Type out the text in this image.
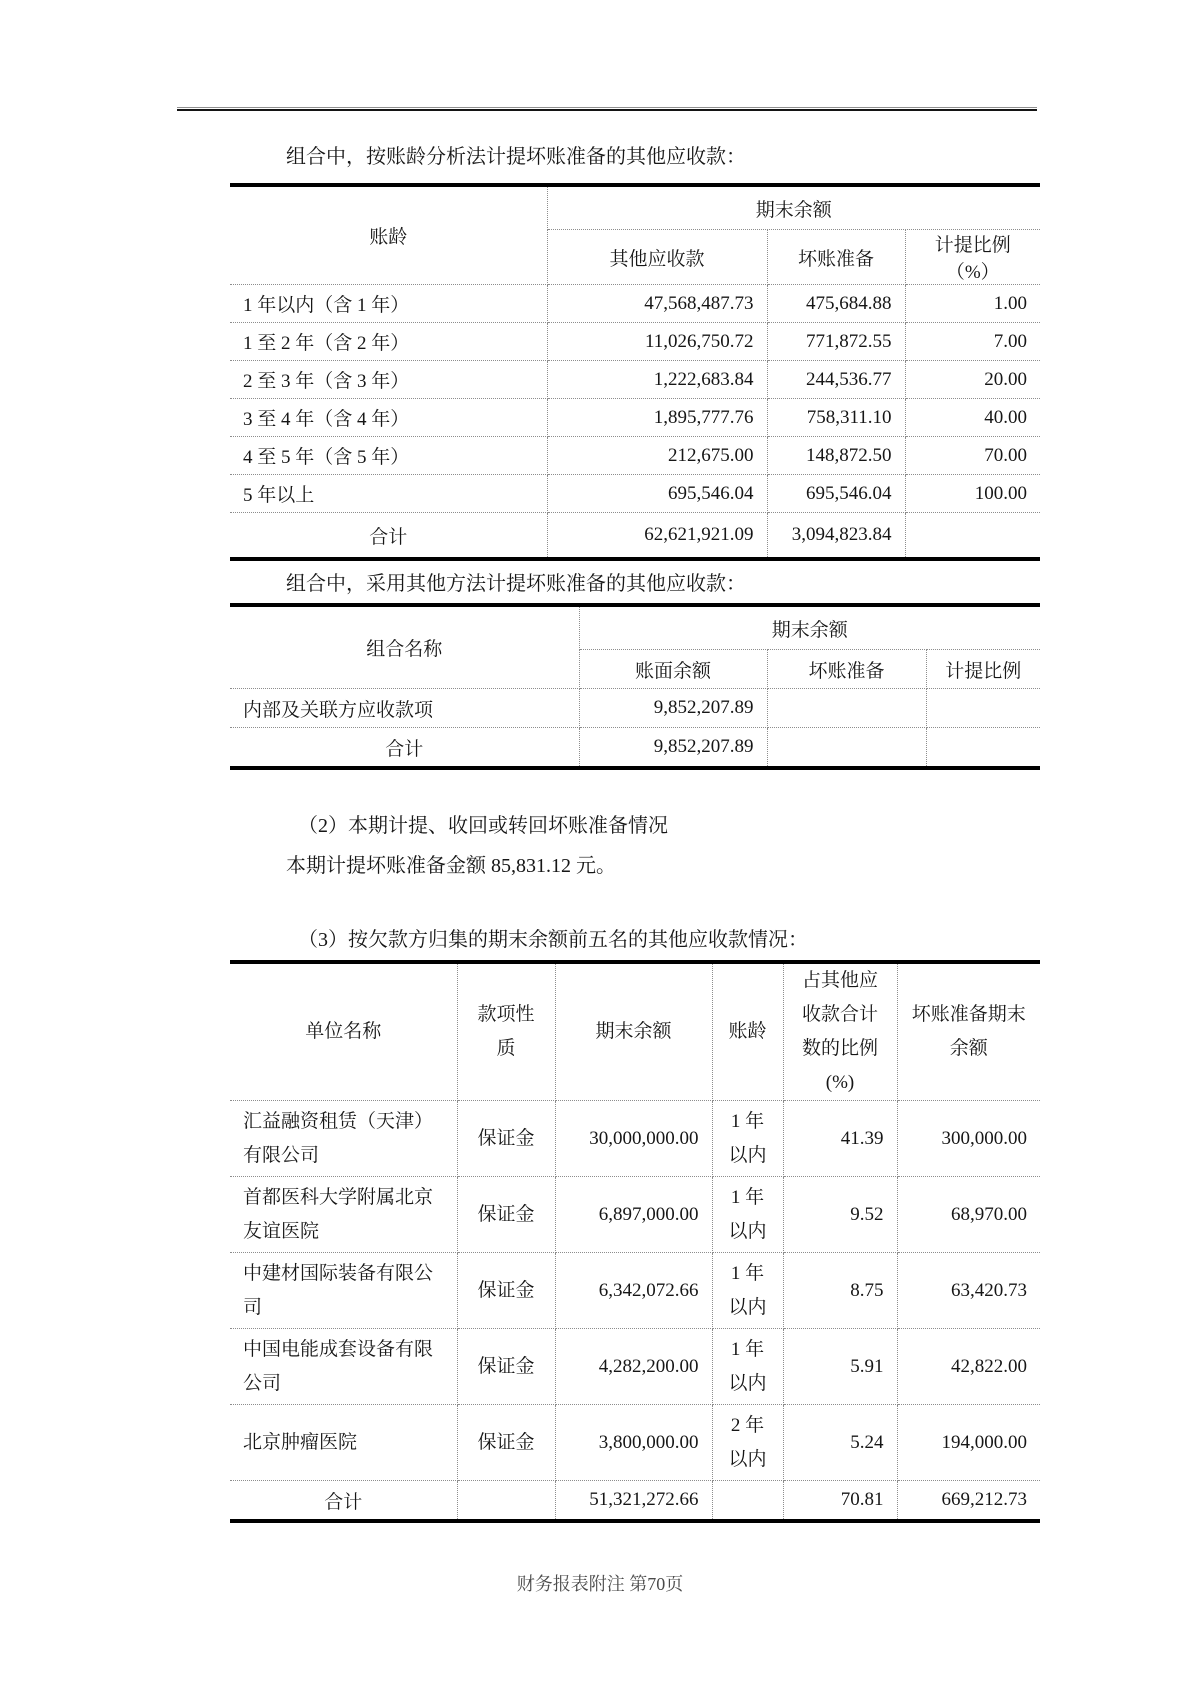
组合中，按账龄分析法计提坏账准备的其他应收款：

账龄	期末余额		
	其他应收款	坏账准备	计提比例（%）
1 年以内（含 1 年）	47,568,487.73	475,684.88	1.00
1 至 2 年（含 2 年）	11,026,750.72	771,872.55	7.00
2 至 3 年（含 3 年）	1,222,683.84	244,536.77	20.00
3 至 4 年（含 4 年）	1,895,777.76	758,311.10	40.00
4 至 5 年（含 5 年）	212,675.00	148,872.50	70.00
5 年以上	695,546.04	695,546.04	100.00
合计	62,621,921.09	3,094,823.84	

组合中，采用其他方法计提坏账准备的其他应收款：

组合名称	期末余额		
	账面余额	坏账准备	计提比例
内部及关联方应收款项	9,852,207.89		
合计	9,852,207.89		

（2）本期计提、收回或转回坏账准备情况

本期计提坏账准备金额 85,831.12 元。

（3）按欠款方归集的期末余额前五名的其他应收款情况：

单位名称	款项性质	期末余额	账龄	占其他应收款合计数的比例(%)	坏账准备期末余额
汇益融资租赁（天津）有限公司	保证金	30,000,000.00	1 年以内	41.39	300,000.00
首都医科大学附属北京友谊医院	保证金	6,897,000.00	1 年以内	9.52	68,970.00
中建材国际装备有限公司	保证金	6,342,072.66	1 年以内	8.75	63,420.73
中国电能成套设备有限公司	保证金	4,282,200.00	1 年以内	5.91	42,822.00
北京肿瘤医院	保证金	3,800,000.00	2 年以内	5.24	194,000.00
合计		51,321,272.66		70.81	669,212.73
财务报表附注 第70页
